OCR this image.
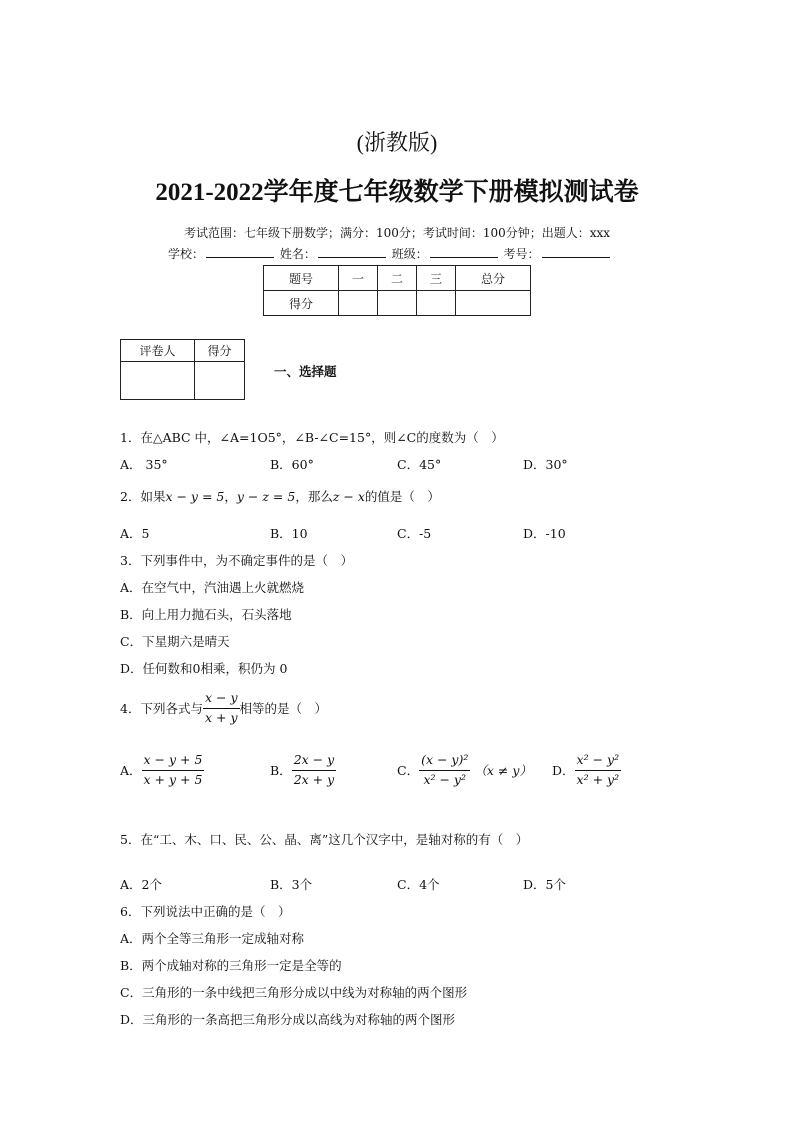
(浙教版)
2021-2022学年度七年级数学下册模拟测试卷
考试范围：七年级下册数学；满分：100分；考试时间：100分钟；出题人：xxx
学校：	姓名：	班级：	考号：
题号	一	二	三	总分
得分				
评卷人	得分

一、选择题
1．在△ABC 中，∠A=1O5°，∠B-∠C=15°，则∠C的度数为（　）
A． 35°	B．60°	C．45°	D．30°
2．如果x − y = 5，y − z = 5，那么z − x的值是（　）
A．5	B．10	C．-5	D．-10
3．下列事件中，为不确定事件的是（　）
A．在空气中，汽油遇上火就燃烧
B．向上用力抛石头，石头落地
C．下星期六是晴天
D．任何数和0相乘，积仍为 0
4．下列各式与 $\frac{x - y}{x + y}$ 相等的是（　）
A． $\frac{x - y + 5}{x + y + 5}$	B． $\frac{2x - y}{2x + y}$	C． $\frac{\text{(x − y)²}}{\text{x² − y²}} (x \ne y)$ D． $\frac{\text{x² − y²}}{\text{x² + y²}}$
5．在“工、木、口、民、公、晶、离”这几个汉字中，是轴对称的有（　）
A．2个	B．3个	C．4个	D．5个
6．下列说法中正确的是（　）
A．两个全等三角形一定成轴对称
B．两个成轴对称的三角形一定是全等的
C．三角形的一条中线把三角形分成以中线为对称轴的两个图形
D．三角形的一条高把三角形分成以高线为对称轴的两个图形
